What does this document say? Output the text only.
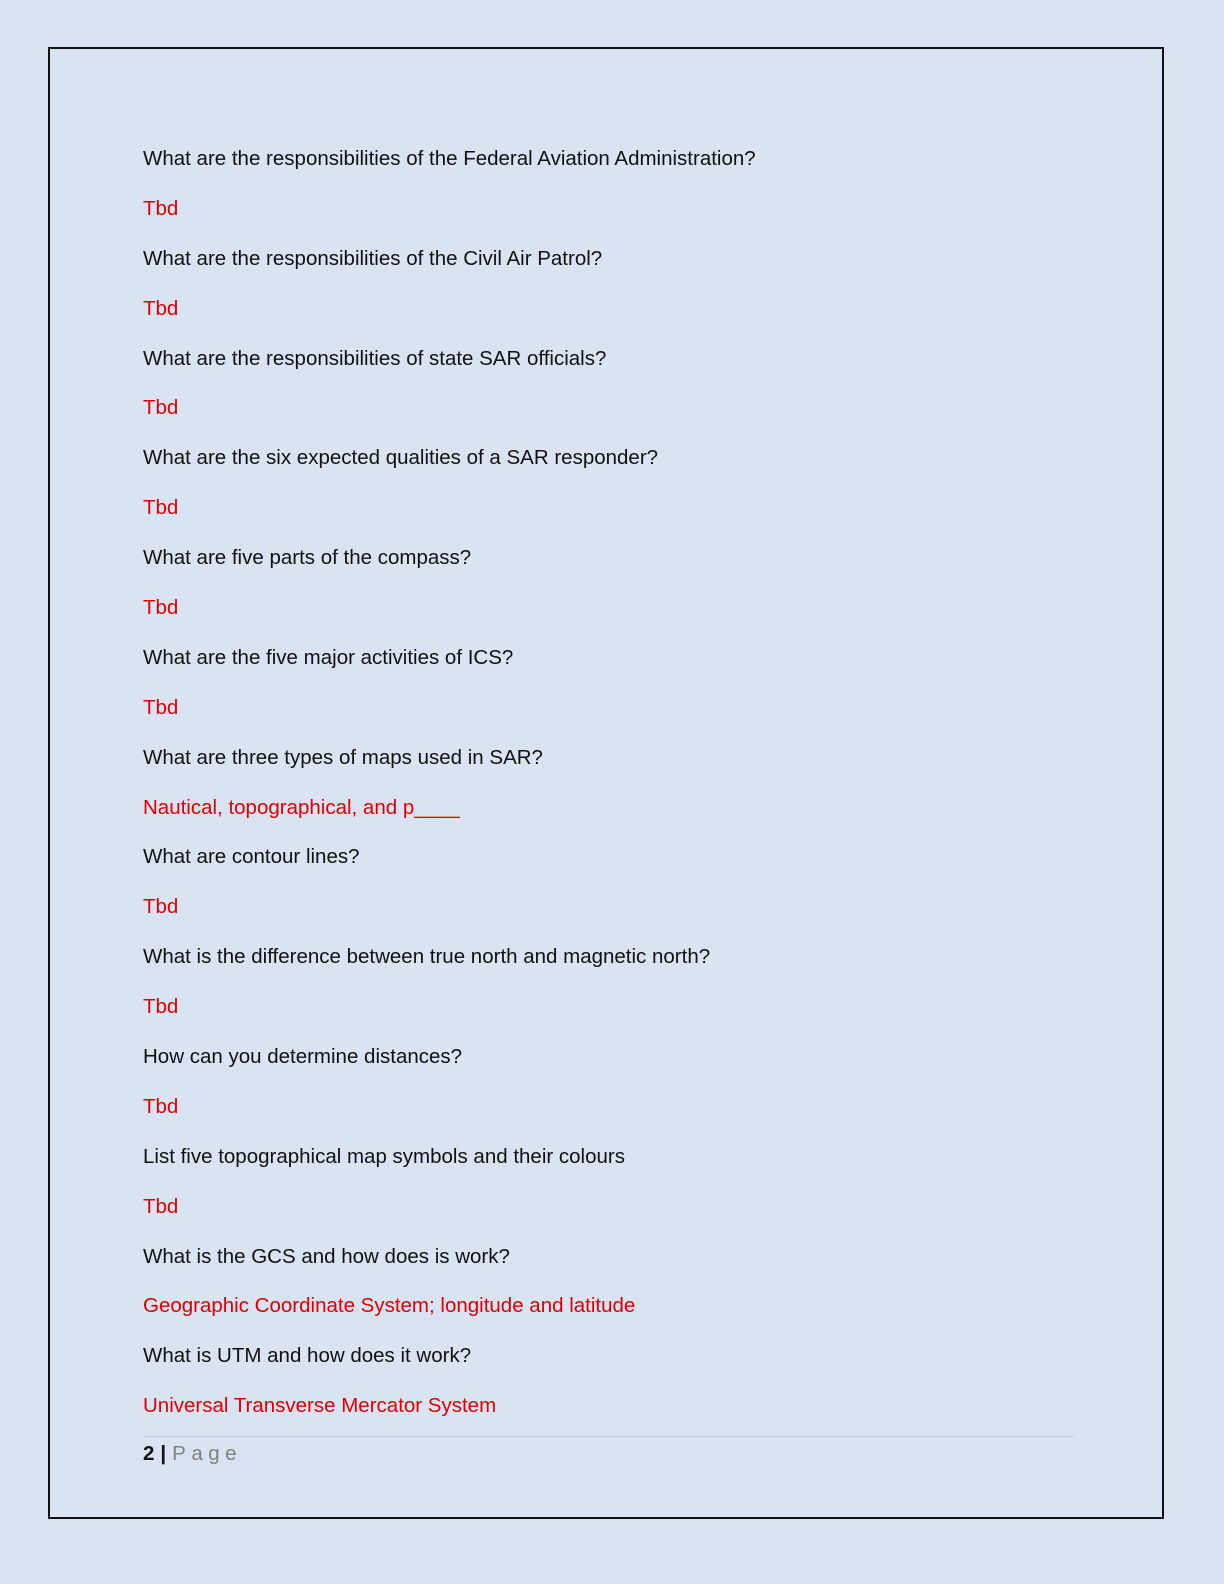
What are the responsibilities of the Federal Aviation Administration?

Tbd

What are the responsibilities of the Civil Air Patrol?

Tbd

What are the responsibilities of state SAR officials?

Tbd

What are the six expected qualities of a SAR responder?

Tbd

What are five parts of the compass?

Tbd

What are the five major activities of ICS?

Tbd

What are three types of maps used in SAR?

Nautical, topographical, and p____

What are contour lines?

Tbd

What is the difference between true north and magnetic north?

Tbd

How can you determine distances?

Tbd

List five topographical map symbols and their colours

Tbd

What is the GCS and how does is work?

Geographic Coordinate System; longitude and latitude

What is UTM and how does it work?

Universal Transverse Mercator System

2 | Page
